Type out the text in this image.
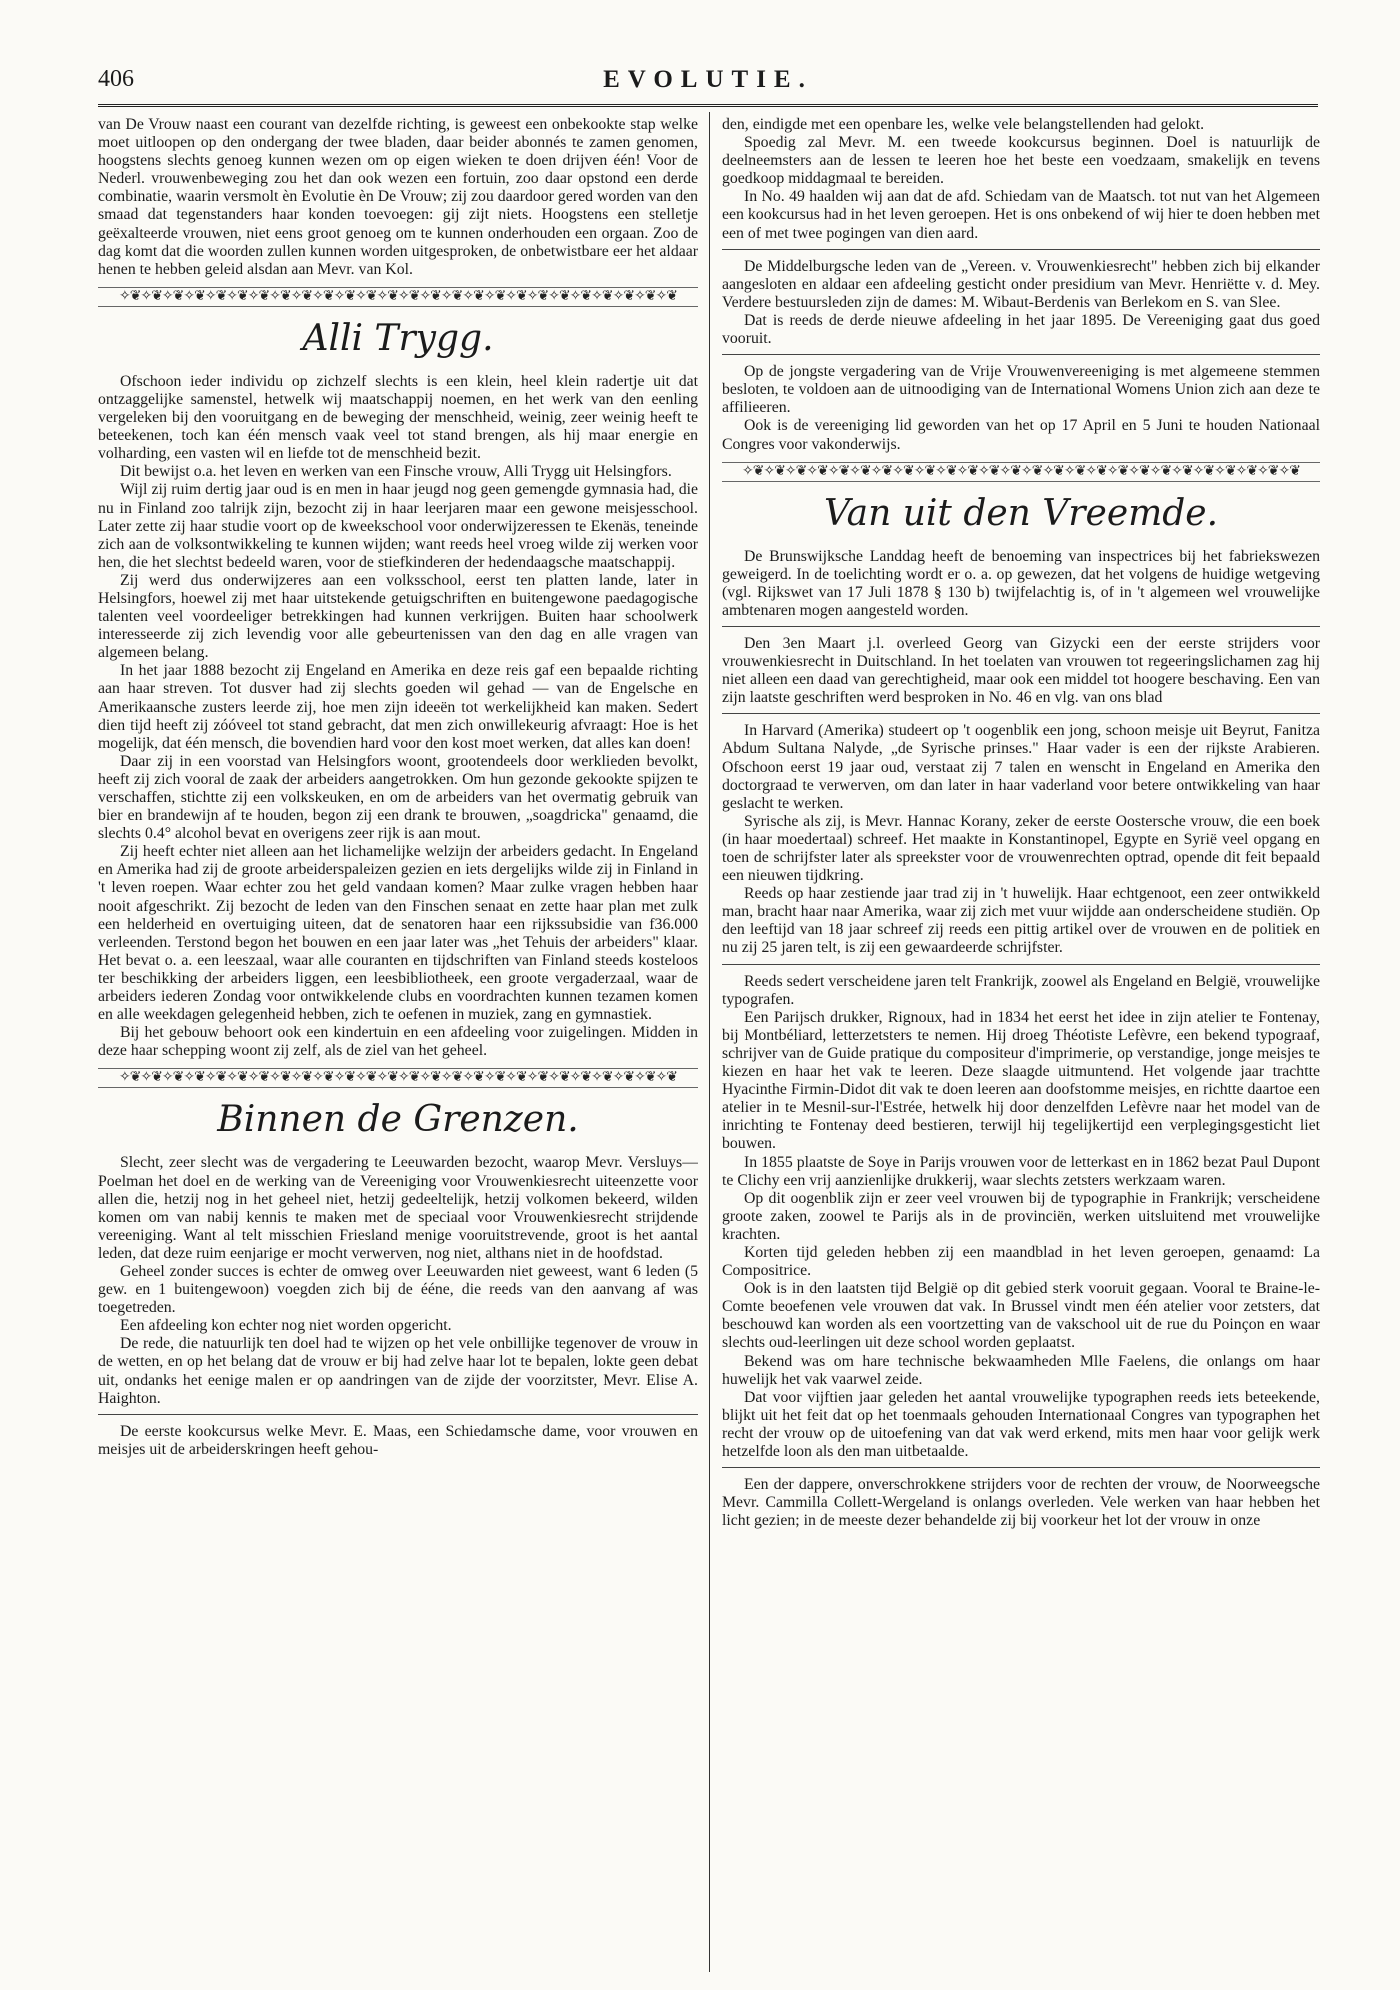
406	EVOLUTIE.

van De Vrouw naast een courant van dezelfde richting, is geweest een onbekookte stap welke moet uitloopen op den ondergang der twee bladen, daar beider abonnés te zamen genomen, hoogstens slechts genoeg kunnen wezen om op eigen wieken te doen drijven één! Voor de Nederl. vrouwenbeweging zou het dan ook wezen een fortuin, zoo daar opstond een derde combinatie, waarin versmolt èn Evolutie èn De Vrouw; zij zou daardoor gered worden van den smaad dat tegenstanders haar konden toevoegen: gij zijt niets. Hoogstens een stelletje geëxalteerde vrouwen, niet eens groot genoeg om te kunnen onderhouden een orgaan. Zoo de dag komt dat die woorden zullen kunnen worden uitgesproken, de onbetwistbare eer het aldaar henen te hebben geleid alsdan aan Mevr. van Kol.

✧❦✧❦✧❦✧❦✧❦✧❦✧❦✧❦✧❦✧❦✧❦✧❦✧❦✧❦✧❦✧❦✧❦✧❦✧❦✧❦✧❦✧❦✧❦✧❦✧❦✧❦
Alli Trygg.

Ofschoon ieder individu op zichzelf slechts is een klein, heel klein radertje uit dat ontzaggelijke samenstel, hetwelk wij maatschappij noemen, en het werk van den eenling vergeleken bij den vooruitgang en de beweging der menschheid, weinig, zeer weinig heeft te beteekenen, toch kan één mensch vaak veel tot stand brengen, als hij maar energie en volharding, een vasten wil en liefde tot de menschheid bezit.

Dit bewijst o.a. het leven en werken van een Finsche vrouw, Alli Trygg uit Helsingfors.

Wijl zij ruim dertig jaar oud is en men in haar jeugd nog geen gemengde gymnasia had, die nu in Finland zoo talrijk zijn, bezocht zij in haar leerjaren maar een gewone meisjesschool. Later zette zij haar studie voort op de kweekschool voor onderwijzeressen te Ekenäs, teneinde zich aan de volksontwikkeling te kunnen wijden; want reeds heel vroeg wilde zij werken voor hen, die het slechtst bedeeld waren, voor de stiefkinderen der hedendaagsche maatschappij.

Zij werd dus onderwijzeres aan een volksschool, eerst ten platten lande, later in Helsingfors, hoewel zij met haar uitstekende getuigschriften en buitengewone paedagogische talenten veel voordeeliger betrekkingen had kunnen verkrijgen. Buiten haar schoolwerk interesseerde zij zich levendig voor alle gebeurtenissen van den dag en alle vragen van algemeen belang.

In het jaar 1888 bezocht zij Engeland en Amerika en deze reis gaf een bepaalde richting aan haar streven. Tot dusver had zij slechts goeden wil gehad — van de Engelsche en Amerikaansche zusters leerde zij, hoe men zijn ideeën tot werkelijkheid kan maken. Sedert dien tijd heeft zij zóóveel tot stand gebracht, dat men zich onwillekeurig afvraagt: Hoe is het mogelijk, dat één mensch, die bovendien hard voor den kost moet werken, dat alles kan doen!

Daar zij in een voorstad van Helsingfors woont, grootendeels door werklieden bevolkt, heeft zij zich vooral de zaak der arbeiders aangetrokken. Om hun gezonde gekookte spijzen te verschaffen, stichtte zij een volkskeuken, en om de arbeiders van het overmatig gebruik van bier en brandewijn af te houden, begon zij een drank te brouwen, „soagdricka" genaamd, die slechts 0.4° alcohol bevat en overigens zeer rijk is aan mout.

Zij heeft echter niet alleen aan het lichamelijke welzijn der arbeiders gedacht. In Engeland en Amerika had zij de groote arbeiderspaleizen gezien en iets dergelijks wilde zij in Finland in 't leven roepen. Waar echter zou het geld vandaan komen? Maar zulke vragen hebben haar nooit afgeschrikt. Zij bezocht de leden van den Finschen senaat en zette haar plan met zulk een helderheid en overtuiging uiteen, dat de senatoren haar een rijkssubsidie van f36.000 verleenden. Terstond begon het bouwen en een jaar later was „het Tehuis der arbeiders" klaar. Het bevat o. a. een leeszaal, waar alle couranten en tijdschriften van Finland steeds kosteloos ter beschikking der arbeiders liggen, een leesbibliotheek, een groote vergaderzaal, waar de arbeiders iederen Zondag voor ontwikkelende clubs en voordrachten kunnen tezamen komen en alle weekdagen gelegenheid hebben, zich te oefenen in muziek, zang en gymnastiek.

Bij het gebouw behoort ook een kindertuin en een afdeeling voor zuigelingen. Midden in deze haar schepping woont zij zelf, als de ziel van het geheel.

✧❦✧❦✧❦✧❦✧❦✧❦✧❦✧❦✧❦✧❦✧❦✧❦✧❦✧❦✧❦✧❦✧❦✧❦✧❦✧❦✧❦✧❦✧❦✧❦✧❦✧❦
Binnen de Grenzen.

Slecht, zeer slecht was de vergadering te Leeuwarden bezocht, waarop Mevr. Versluys—Poelman het doel en de werking van de Vereeniging voor Vrouwenkiesrecht uiteenzette voor allen die, hetzij nog in het geheel niet, hetzij gedeeltelijk, hetzij volkomen bekeerd, wilden komen om van nabij kennis te maken met de speciaal voor Vrouwenkiesrecht strijdende vereeniging. Want al telt misschien Friesland menige vooruitstrevende, groot is het aantal leden, dat deze ruim eenjarige er mocht verwerven, nog niet, althans niet in de hoofdstad.

Geheel zonder succes is echter de omweg over Leeuwarden niet geweest, want 6 leden (5 gew. en 1 buitengewoon) voegden zich bij de ééne, die reeds van den aanvang af was toegetreden.

Een afdeeling kon echter nog niet worden opgericht.

De rede, die natuurlijk ten doel had te wijzen op het vele onbillijke tegenover de vrouw in de wetten, en op het belang dat de vrouw er bij had zelve haar lot te bepalen, lokte geen debat uit, ondanks het eenige malen er op aandringen van de zijde der voorzitster, Mevr. Elise A. Haighton.

De eerste kookcursus welke Mevr. E. Maas, een Schiedamsche dame, voor vrouwen en meisjes uit de arbeiderskringen heeft gehou-

den, eindigde met een openbare les, welke vele belangstellenden had gelokt.

Spoedig zal Mevr. M. een tweede kookcursus beginnen. Doel is natuurlijk de deelneemsters aan de lessen te leeren hoe het beste een voedzaam, smakelijk en tevens goedkoop middagmaal te bereiden.

In No. 49 haalden wij aan dat de afd. Schiedam van de Maatsch. tot nut van het Algemeen een kookcursus had in het leven geroepen. Het is ons onbekend of wij hier te doen hebben met een of met twee pogingen van dien aard.

De Middelburgsche leden van de „Vereen. v. Vrouwenkiesrecht" hebben zich bij elkander aangesloten en aldaar een afdeeling gesticht onder presidium van Mevr. Henriëtte v. d. Mey. Verdere bestuursleden zijn de dames: M. Wibaut-Berdenis van Berlekom en S. van Slee.

Dat is reeds de derde nieuwe afdeeling in het jaar 1895. De Vereeniging gaat dus goed vooruit.

Op de jongste vergadering van de Vrije Vrouwenvereeniging is met algemeene stemmen besloten, te voldoen aan de uitnoodiging van de International Womens Union zich aan deze te affilieeren.

Ook is de vereeniging lid geworden van het op 17 April en 5 Juni te houden Nationaal Congres voor vakonderwijs.

✧❦✧❦✧❦✧❦✧❦✧❦✧❦✧❦✧❦✧❦✧❦✧❦✧❦✧❦✧❦✧❦✧❦✧❦✧❦✧❦✧❦✧❦✧❦✧❦✧❦✧❦
Van uit den Vreemde.

De Brunswijksche Landdag heeft de benoeming van inspectrices bij het fabriekswezen geweigerd. In de toelichting wordt er o. a. op gewezen, dat het volgens de huidige wetgeving (vgl. Rijkswet van 17 Juli 1878 § 130 b) twijfelachtig is, of in 't algemeen wel vrouwelijke ambtenaren mogen aangesteld worden.

Den 3en Maart j.l. overleed Georg van Gizycki een der eerste strijders voor vrouwenkiesrecht in Duitschland. In het toelaten van vrouwen tot regeeringslichamen zag hij niet alleen een daad van gerechtigheid, maar ook een middel tot hoogere beschaving. Een van zijn laatste geschriften werd besproken in No. 46 en vlg. van ons blad

In Harvard (Amerika) studeert op 't oogenblik een jong, schoon meisje uit Beyrut, Fanitza Abdum Sultana Nalyde, „de Syrische prinses." Haar vader is een der rijkste Arabieren. Ofschoon eerst 19 jaar oud, verstaat zij 7 talen en wenscht in Engeland en Amerika den doctorgraad te verwerven, om dan later in haar vaderland voor betere ontwikkeling van haar geslacht te werken.

Syrische als zij, is Mevr. Hannac Korany, zeker de eerste Oostersche vrouw, die een boek (in haar moedertaal) schreef. Het maakte in Konstantinopel, Egypte en Syrië veel opgang en toen de schrijfster later als spreekster voor de vrouwenrechten optrad, opende dit feit bepaald een nieuwen tijdkring.

Reeds op haar zestiende jaar trad zij in 't huwelijk. Haar echtgenoot, een zeer ontwikkeld man, bracht haar naar Amerika, waar zij zich met vuur wijdde aan onderscheidene studiën. Op den leeftijd van 18 jaar schreef zij reeds een pittig artikel over de vrouwen en de politiek en nu zij 25 jaren telt, is zij een gewaardeerde schrijfster.

Reeds sedert verscheidene jaren telt Frankrijk, zoowel als Engeland en België, vrouwelijke typografen.

Een Parijsch drukker, Rignoux, had in 1834 het eerst het idee in zijn atelier te Fontenay, bij Montbéliard, letterzetsters te nemen. Hij droeg Théotiste Lefèvre, een bekend typograaf, schrijver van de Guide pratique du compositeur d'imprimerie, op verstandige, jonge meisjes te kiezen en haar het vak te leeren. Deze slaagde uitmuntend. Het volgende jaar trachtte Hyacinthe Firmin-Didot dit vak te doen leeren aan doofstomme meisjes, en richtte daartoe een atelier in te Mesnil-sur-l'Estrée, hetwelk hij door denzelfden Lefèvre naar het model van de inrichting te Fontenay deed bestieren, terwijl hij tegelijkertijd een verplegingsgesticht liet bouwen.

In 1855 plaatste de Soye in Parijs vrouwen voor de letterkast en in 1862 bezat Paul Dupont te Clichy een vrij aanzienlijke drukkerij, waar slechts zetsters werkzaam waren.

Op dit oogenblik zijn er zeer veel vrouwen bij de typographie in Frankrijk; verscheidene groote zaken, zoowel te Parijs als in de provinciën, werken uitsluitend met vrouwelijke krachten.

Korten tijd geleden hebben zij een maandblad in het leven geroepen, genaamd: La Compositrice.

Ook is in den laatsten tijd België op dit gebied sterk vooruit gegaan. Vooral te Braine-le-Comte beoefenen vele vrouwen dat vak. In Brussel vindt men één atelier voor zetsters, dat beschouwd kan worden als een voortzetting van de vakschool uit de rue du Poinçon en waar slechts oud-leerlingen uit deze school worden geplaatst.

Bekend was om hare technische bekwaamheden Mlle Faelens, die onlangs om haar huwelijk het vak vaarwel zeide.

Dat voor vijftien jaar geleden het aantal vrouwelijke typographen reeds iets beteekende, blijkt uit het feit dat op het toenmaals gehouden Internationaal Congres van typographen het recht der vrouw op de uitoefening van dat vak werd erkend, mits men haar voor gelijk werk hetzelfde loon als den man uitbetaalde.

Een der dappere, onverschrokkene strijders voor de rechten der vrouw, de Noorweegsche Mevr. Cammilla Collett-Wergeland is onlangs overleden. Vele werken van haar hebben het licht gezien; in de meeste dezer behandelde zij bij voorkeur het lot der vrouw in onze
